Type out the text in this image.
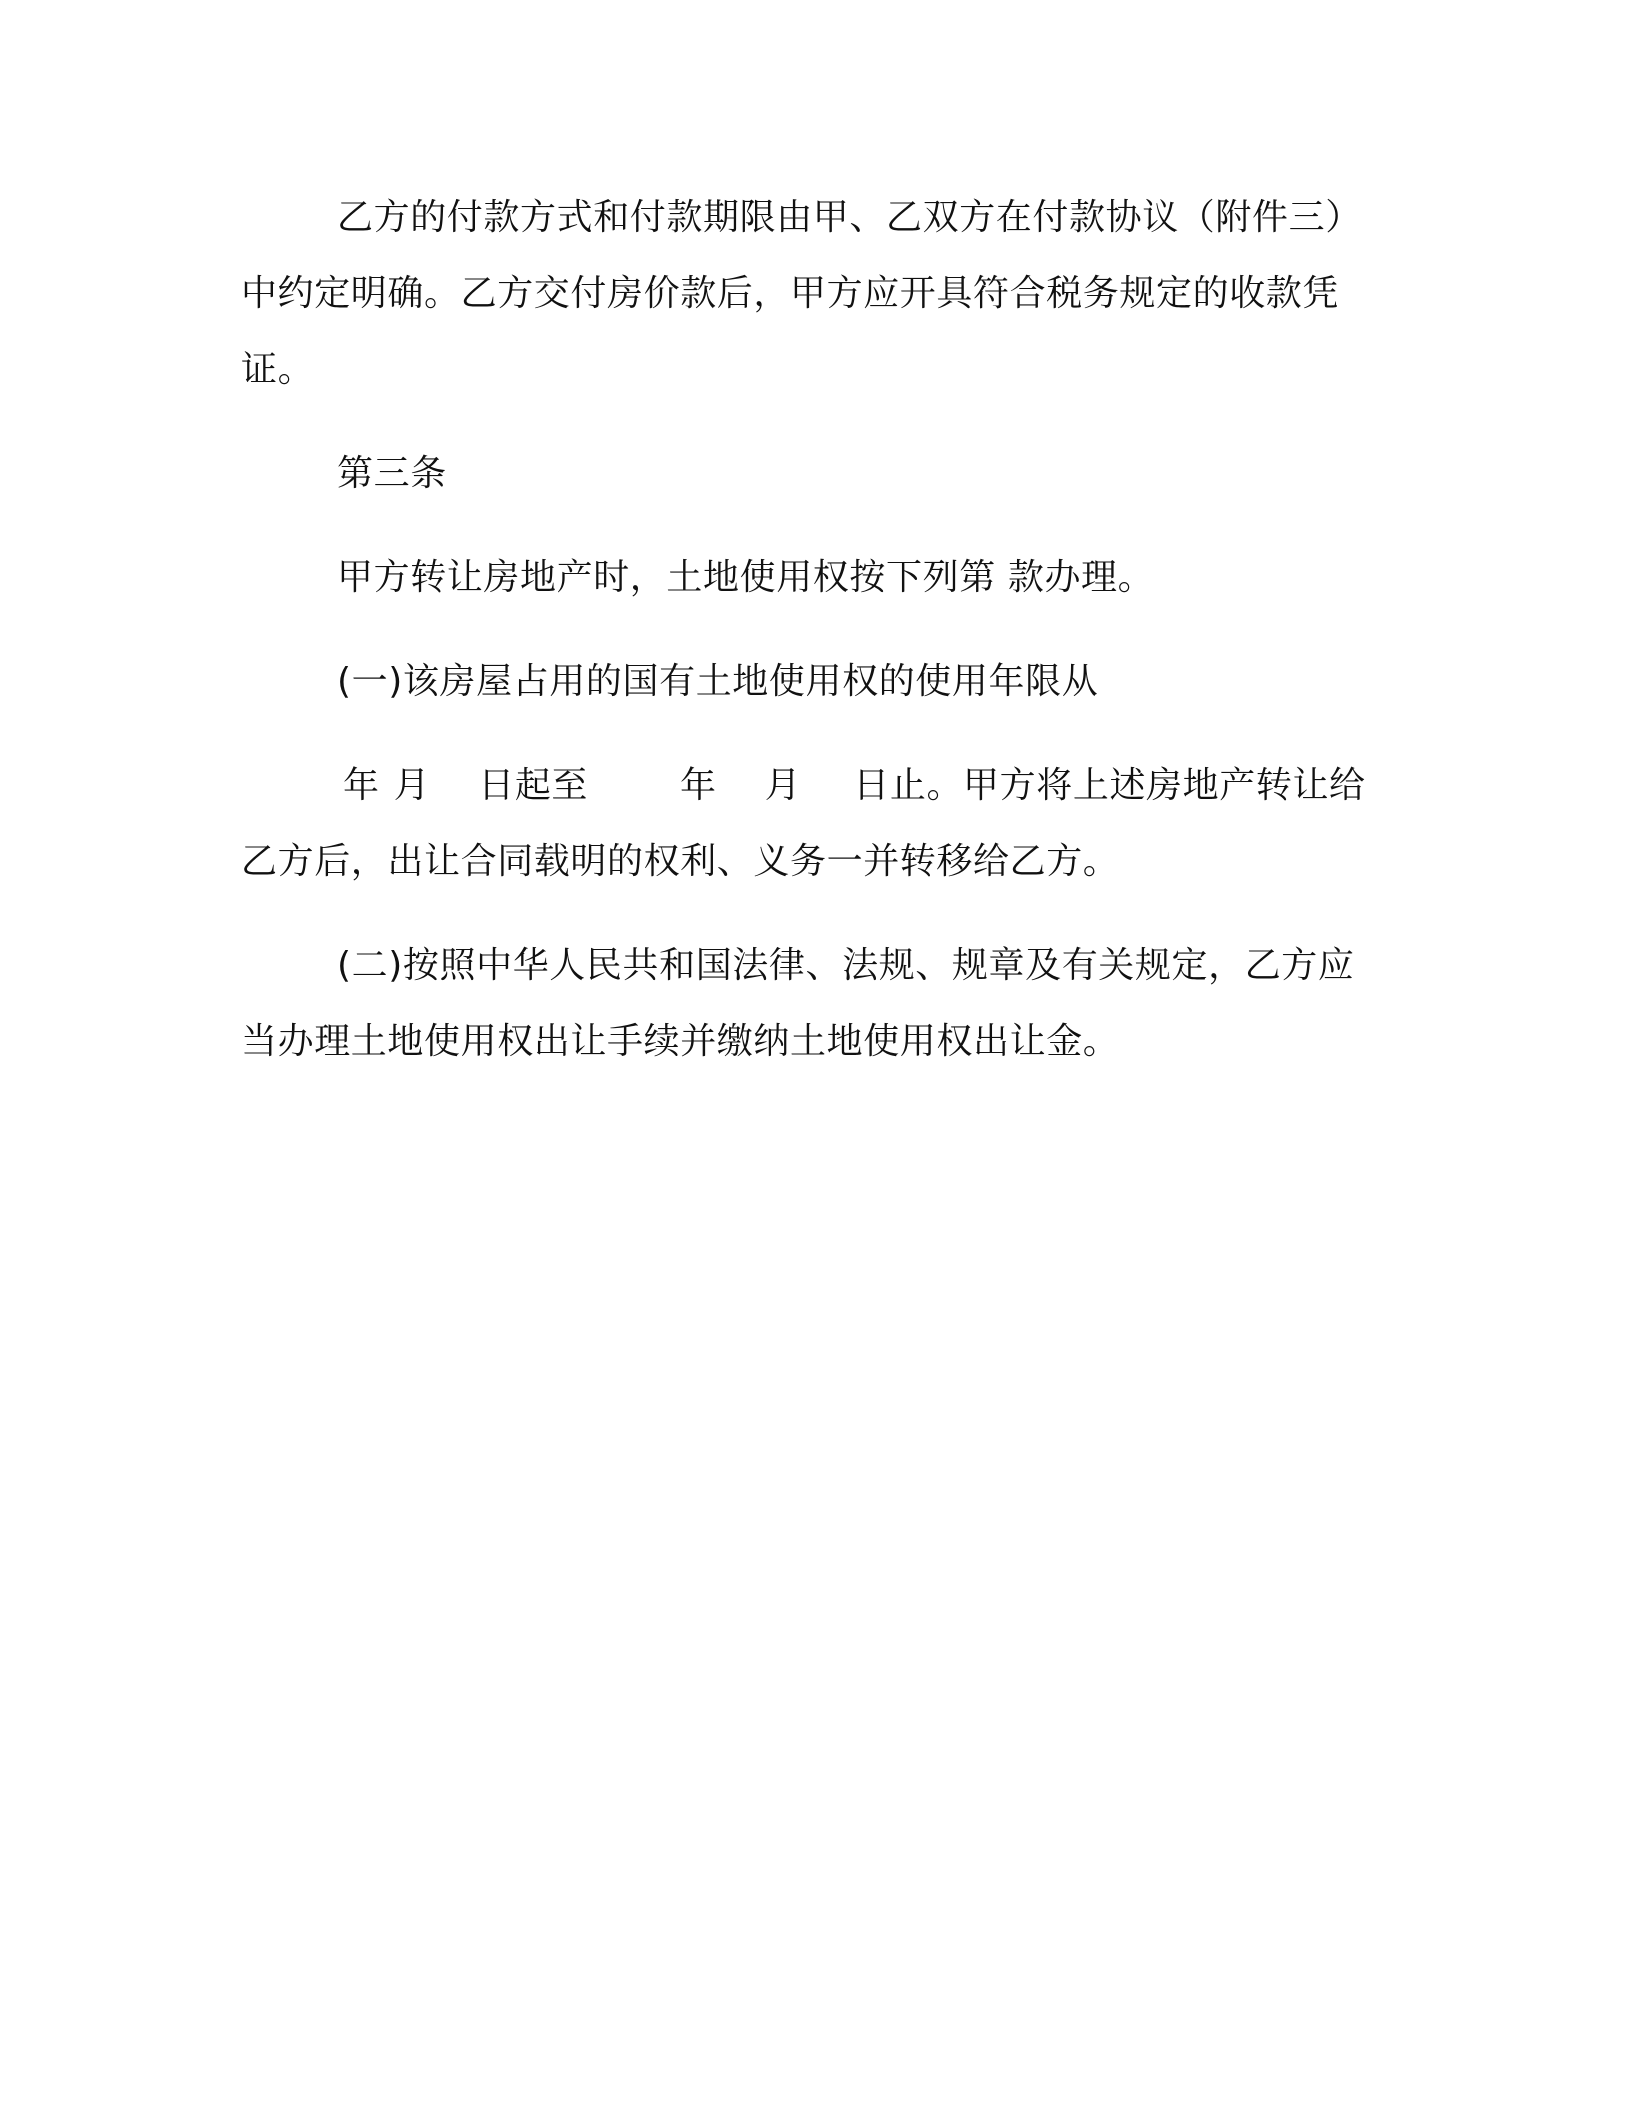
乙方的付款方式和付款期限由甲、乙双方在付款协议（附件三）
中约定明确。乙方交付房价款后，甲方应开具符合税务规定的收款凭
证。
第三条
甲方转让房地产时，土地使用权按下列第 款办理。
(一)该房屋占用的国有土地使用权的使用年限从
年 月 日起至	年 月 日止。甲方将上述房地产转让给
乙方后，出让合同载明的权利、义务一并转移给乙方。
(二)按照中华人民共和国法律、法规、规章及有关规定，乙方应
当办理土地使用权出让手续并缴纳土地使用权出让金。
